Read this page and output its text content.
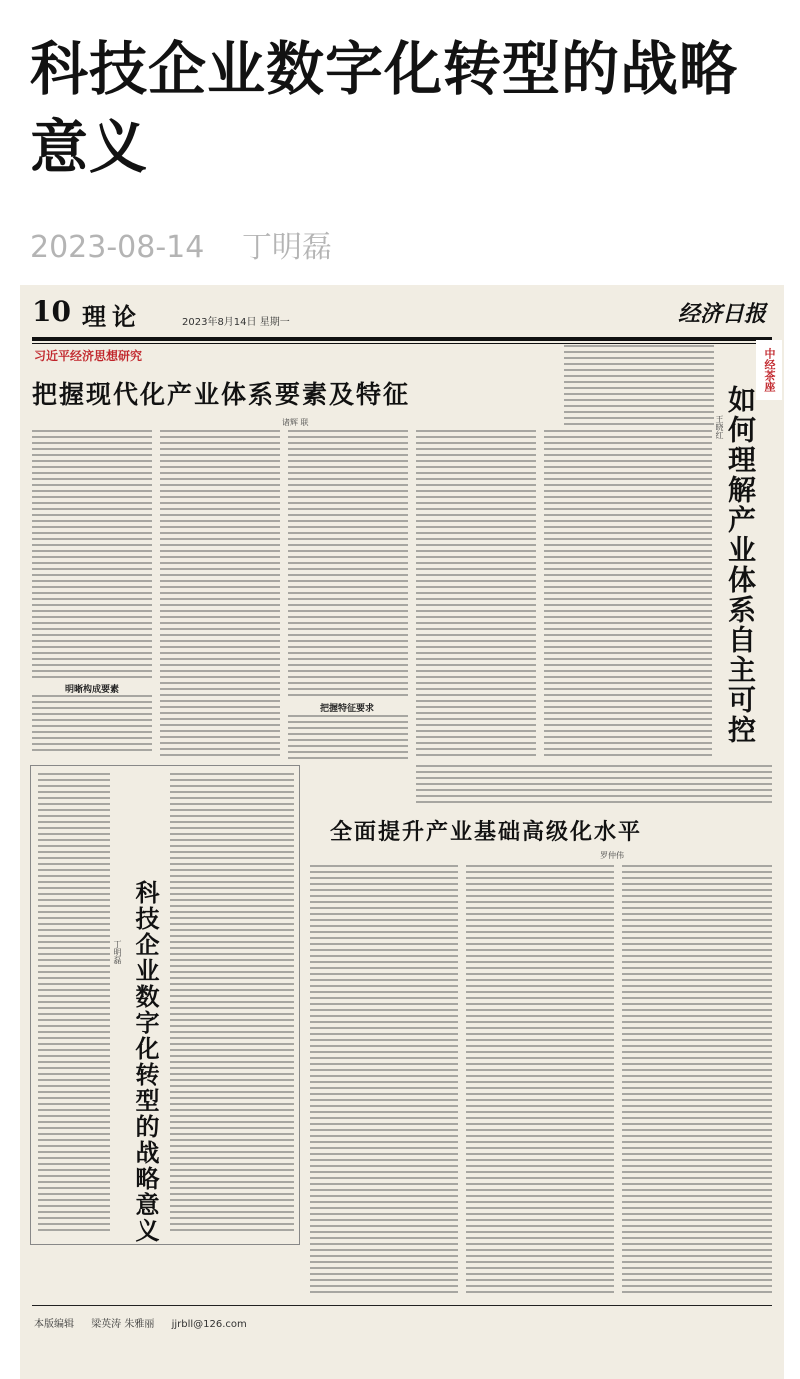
科技企业数字化转型的战略意义
2023-08-14 丁明磊
10 理论	2023年8月14日 星期一	经济日报
习近平经济思想研究
把握现代化产业体系要素及特征
诸辉 联
明晰构成要素
把握特征要求
中经茶座
如何理解产业体系自主可控
王晓红
科技企业数字化转型的战略意义
丁明磊
全面提升产业基础高级化水平
罗仲伟
本版编辑 梁英涛 朱雅丽 jjrbll@126.com
